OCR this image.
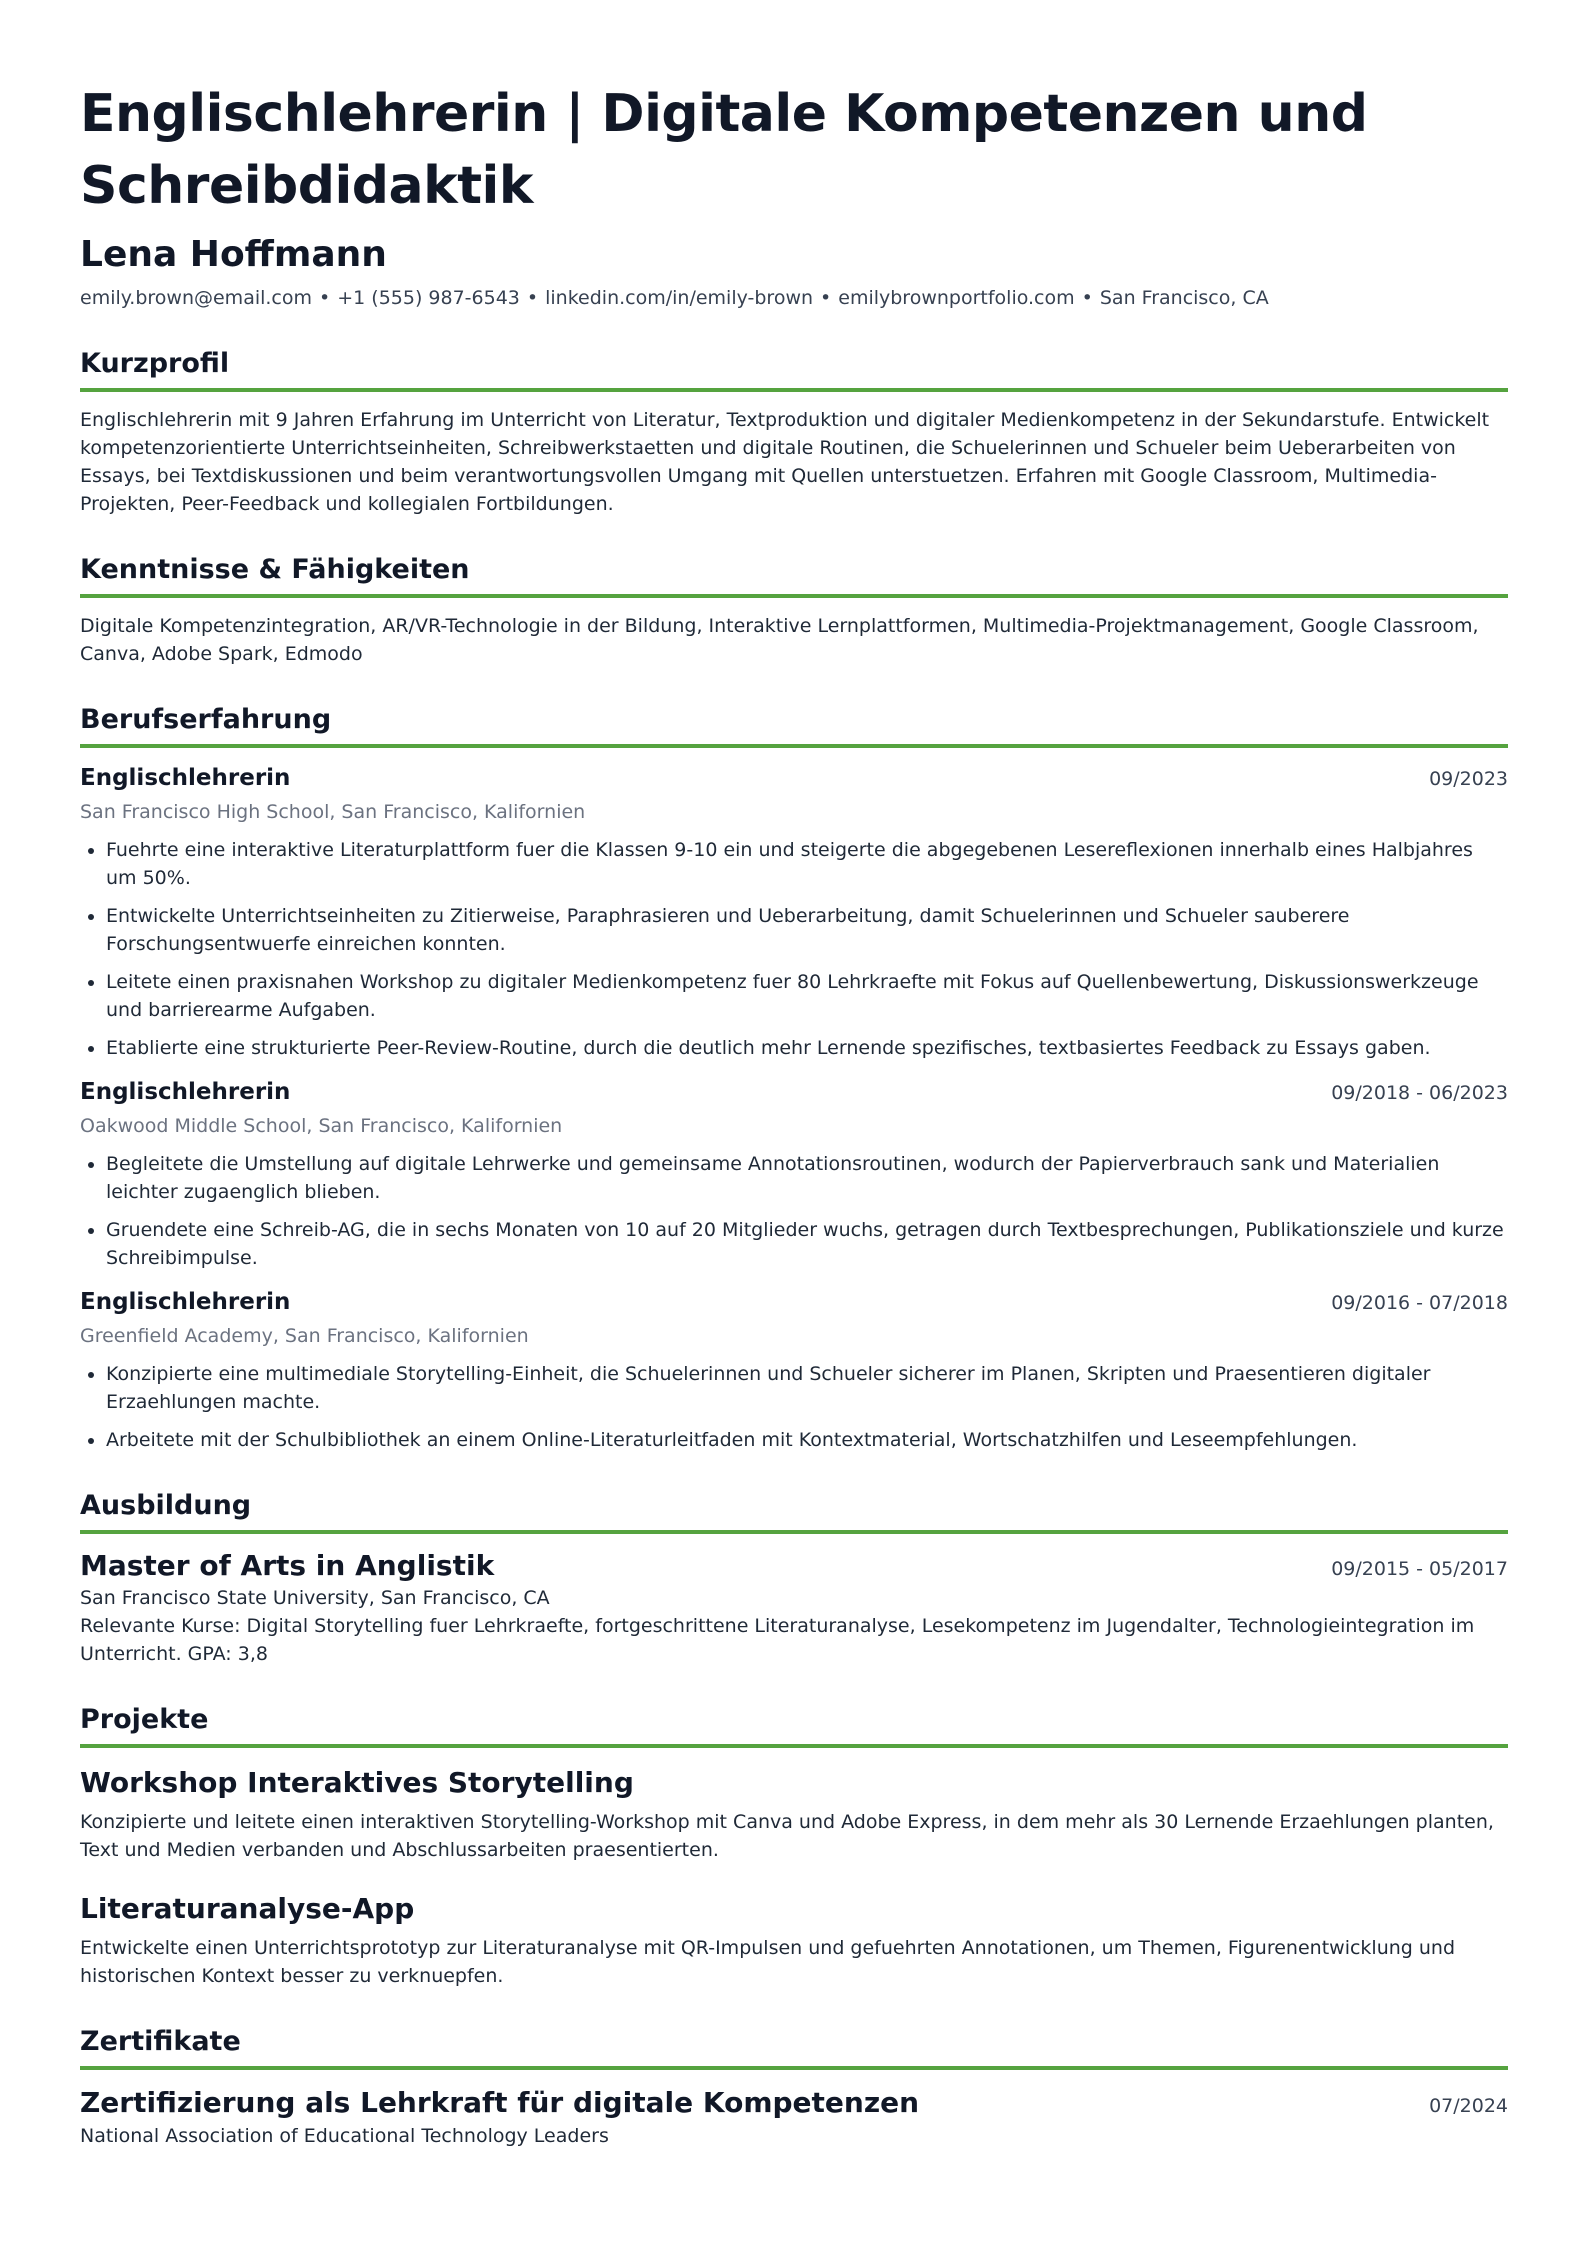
Englischlehrerin | Digitale Kompetenzen und Schreibdidaktik
Lena Hoffmann
emily.brown@email.com • +1 (555) 987-6543 • linkedin.com/in/emily-brown • emilybrownportfolio.com • San Francisco, CA
Kurzprofil

Englischlehrerin mit 9 Jahren Erfahrung im Unterricht von Literatur, Textproduktion und digitaler Medienkompetenz in der Sekundarstufe. Entwickelt kompetenzorientierte Unterrichtseinheiten, Schreibwerkstaetten und digitale Routinen, die Schuelerinnen und Schueler beim Ueberarbeiten von Essays, bei Textdiskussionen und beim verantwortungsvollen Umgang mit Quellen unterstuetzen. Erfahren mit Google Classroom, Multimedia-Projekten, Peer-Feedback und kollegialen Fortbildungen.

Kenntnisse & Fähigkeiten

Digitale Kompetenzintegration, AR/VR-Technologie in der Bildung, Interaktive Lernplattformen, Multimedia-Projektmanagement, Google Classroom, Canva, Adobe Spark, Edmodo

Berufserfahrung
Englischlehrerin	09/2023
San Francisco High School, San Francisco, Kalifornien
• Fuehrte eine interaktive Literaturplattform fuer die Klassen 9-10 ein und steigerte die abgegebenen Lesereflexionen innerhalb eines Halbjahres um 50%.
• Entwickelte Unterrichtseinheiten zu Zitierweise, Paraphrasieren und Ueberarbeitung, damit Schuelerinnen und Schueler sauberere Forschungsentwuerfe einreichen konnten.
• Leitete einen praxisnahen Workshop zu digitaler Medienkompetenz fuer 80 Lehrkraefte mit Fokus auf Quellenbewertung, Diskussionswerkzeuge und barrierearme Aufgaben.
• Etablierte eine strukturierte Peer-Review-Routine, durch die deutlich mehr Lernende spezifisches, textbasiertes Feedback zu Essays gaben.
Englischlehrerin	09/2018 - 06/2023
Oakwood Middle School, San Francisco, Kalifornien
• Begleitete die Umstellung auf digitale Lehrwerke und gemeinsame Annotationsroutinen, wodurch der Papierverbrauch sank und Materialien leichter zugaenglich blieben.
• Gruendete eine Schreib-AG, die in sechs Monaten von 10 auf 20 Mitglieder wuchs, getragen durch Textbesprechungen, Publikationsziele und kurze Schreibimpulse.
Englischlehrerin	09/2016 - 07/2018
Greenfield Academy, San Francisco, Kalifornien
• Konzipierte eine multimediale Storytelling-Einheit, die Schuelerinnen und Schueler sicherer im Planen, Skripten und Praesentieren digitaler Erzaehlungen machte.
• Arbeitete mit der Schulbibliothek an einem Online-Literaturleitfaden mit Kontextmaterial, Wortschatzhilfen und Leseempfehlungen.
Ausbildung
Master of Arts in Anglistik	09/2015 - 05/2017
San Francisco State University, San Francisco, CA
Relevante Kurse: Digital Storytelling fuer Lehrkraefte, fortgeschrittene Literaturanalyse, Lesekompetenz im Jugendalter, Technologieintegration im Unterricht. GPA: 3,8
Projekte
Workshop Interaktives Storytelling

Konzipierte und leitete einen interaktiven Storytelling-Workshop mit Canva und Adobe Express, in dem mehr als 30 Lernende Erzaehlungen planten, Text und Medien verbanden und Abschlussarbeiten praesentierten.

Literaturanalyse-App

Entwickelte einen Unterrichtsprototyp zur Literaturanalyse mit QR-Impulsen und gefuehrten Annotationen, um Themen, Figurenentwicklung und historischen Kontext besser zu verknuepfen.

Zertifikate
Zertifizierung als Lehrkraft für digitale Kompetenzen	07/2024
National Association of Educational Technology Leaders
